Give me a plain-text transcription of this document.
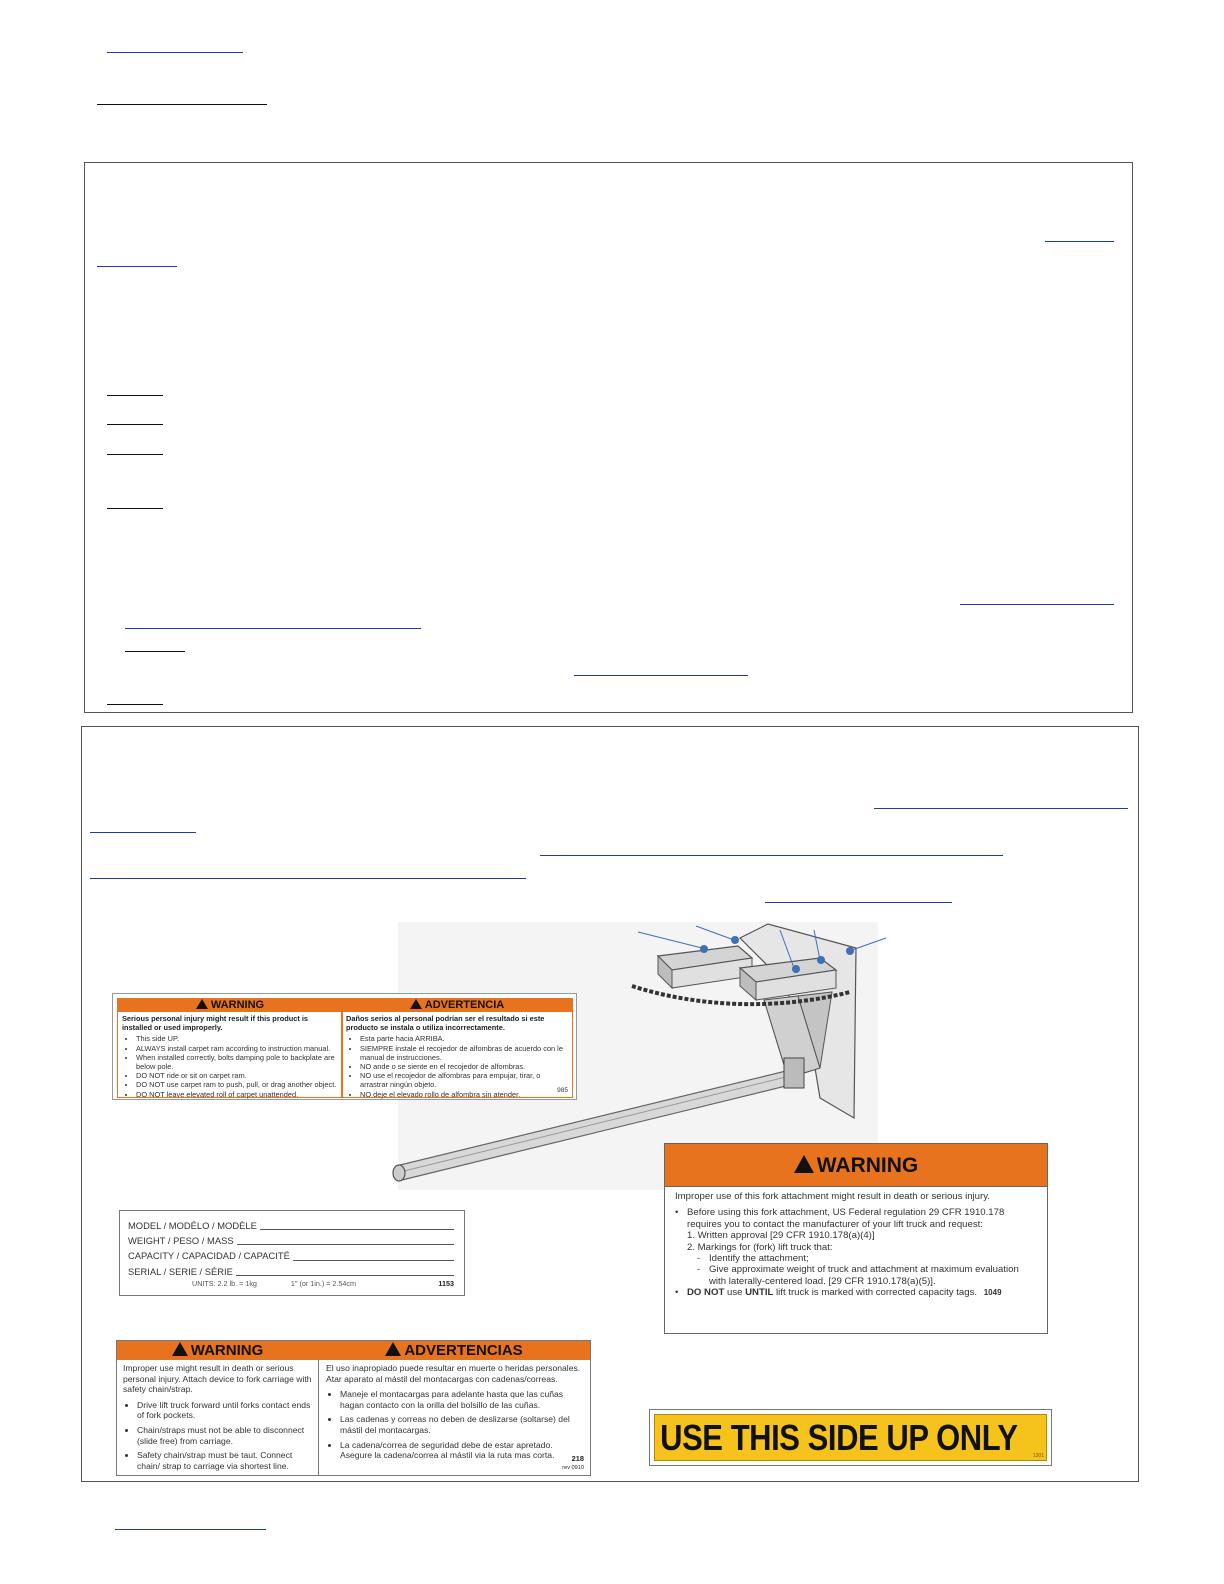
WARNING
Serious personal injury might result if this product is installed or used improperly.
• This side UP.
• ALWAYS install carpet ram according to instruction manual.
• When installed correctly, bolts damping pole to backplate are below pole.
• DO NOT ride or sit on carpet ram.
• DO NOT use carpet ram to push, pull, or drag another object.
• DO NOT leave elevated roll of carpet unattended.
ADVERTENCIA
Daños serios al personal podrían ser el resultado si este producto se instala o utiliza incorrectamente.
• Esta parte hacia ARRIBA.
• SIEMPRE instale el recojedor de alfombras de acuerdo con le manual de instrucciones.
• NO ande o se siente en el recojedor de alfombras.
• NO use el recojedor de alfombras para empujar, tirar, o arrastrar ningún objeto.
• NO deje el elevado rollo de alfombra sin atender.	985
WARNING
Improper use of this fork attachment might result in death or serious injury.
• Before using this fork attachment, US Federal regulation 29 CFR 1910.178 requires you to contact the manufacturer of your lift truck and request:
1. Written approval [29 CFR 1910.178(a)(4)]
2. Markings for (fork) lift truck that:
- Identify the attachment;
- Give approximate weight of truck and attachment at maximum evaluation with laterally-centered load. [29 CFR 1910.178(a)(5)].
• DO NOT use UNTIL lift truck is marked with corrected capacity tags. 1049
MODEL / MODÉLO / MODÈLE
WEIGHT / PESO / MASS
CAPACITY / CAPACIDAD / CAPACITÉ
SERIAL / SERIE / SÉRIE
UNITS: 2.2 lb. = 1kg	1" (or 1in.) = 2.54cm	1153
WARNING
Improper use might result in death or serious personal injury. Attach device to fork carriage with safety chain/strap.
• Drive lift truck forward until forks contact ends of fork pockets.
• Chain/straps must not be able to disconnect (slide free) from carriage.
• Safety chain/strap must be taut. Connect chain/ strap to carriage via shortest line.
ADVERTENCIAS
El uso inapropiado puede resultar en muerte o heridas personales. Atar aparato al mástil del montacargas con cadenas/correas.
• Maneje el montacargas para adelante hasta que las cuñas hagan contacto con la orilla del bolsillo de las cuñas.
• Las cadenas y correas no deben de deslizarse (soltarse) del mástil del montacargas.
• La cadena/correa de seguridad debe de estar apretado. Asegure la cadena/correa al mástil via la ruta mas corta.	218
rev 0910
USE THIS SIDE UP ONLY	1301
